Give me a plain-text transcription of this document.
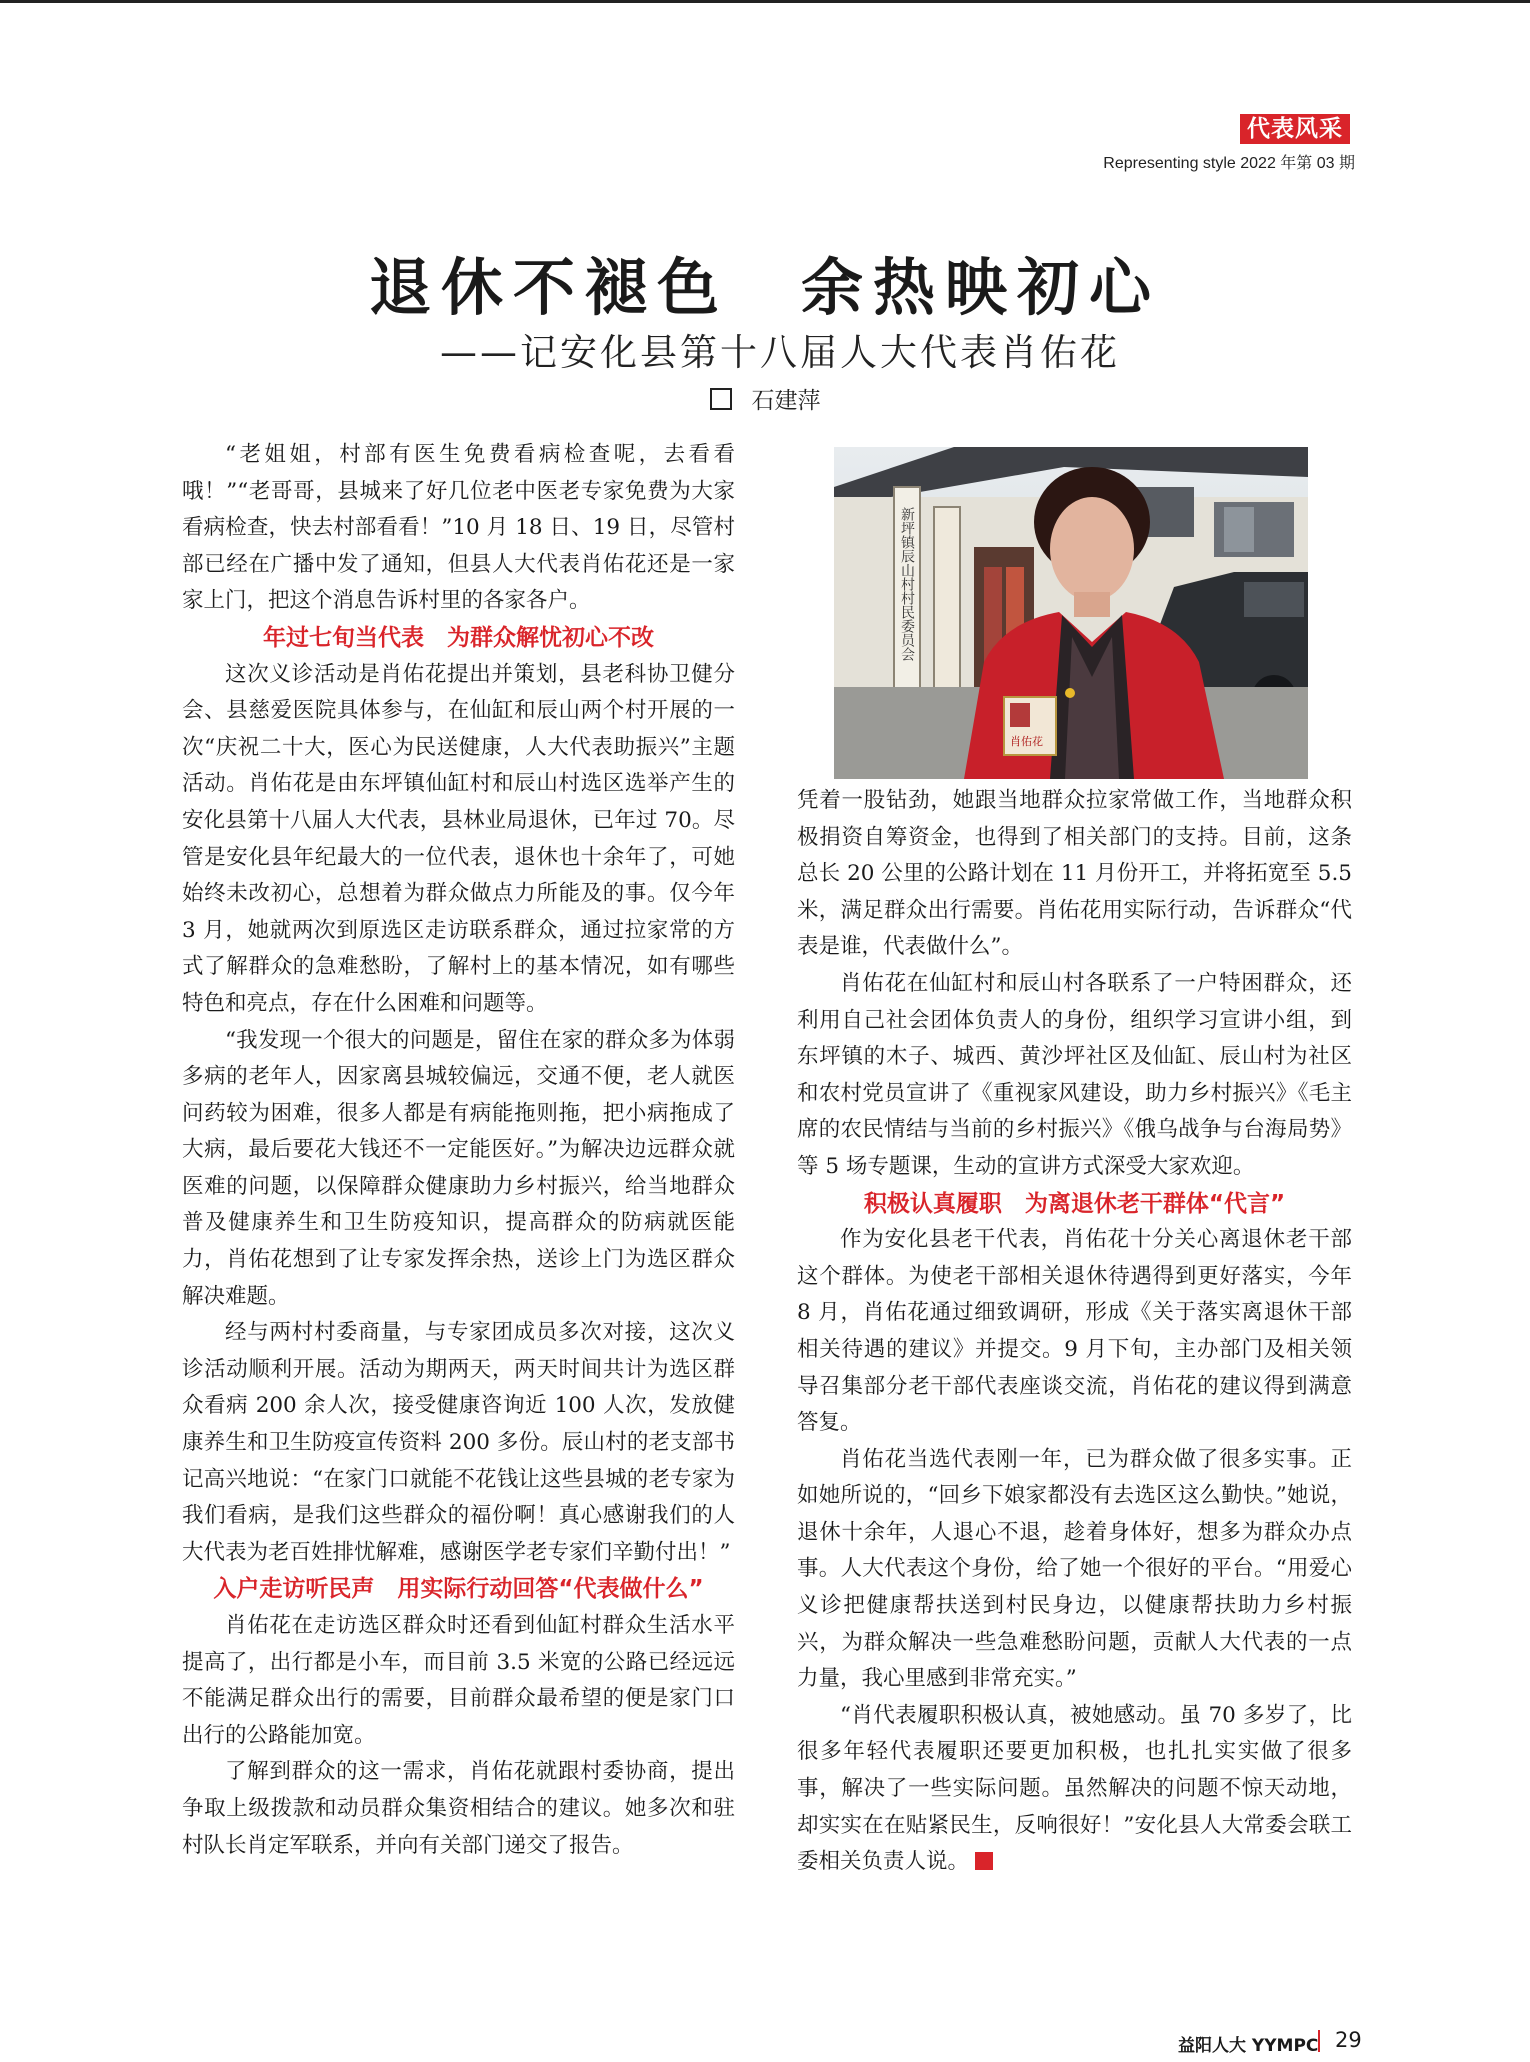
代表风采
Representing style 2022 年第 03 期
退休不褪色　余热映初心
——记安化县第十八届人大代表肖佑花
石建萍

“老姐姐，村部有医生免费看病检查呢，去看看哦！”“老哥哥，县城来了好几位老中医老专家免费为大家看病检查，快去村部看看！”10 月 18 日、19 日，尽管村部已经在广播中发了通知，但县人大代表肖佑花还是一家家上门，把这个消息告诉村里的各家各户。

年过七旬当代表　为群众解忧初心不改

这次义诊活动是肖佑花提出并策划，县老科协卫健分会、县慈爱医院具体参与，在仙缸和辰山两个村开展的一次“庆祝二十大，医心为民送健康，人大代表助振兴”主题活动。肖佑花是由东坪镇仙缸村和辰山村选区选举产生的安化县第十八届人大代表，县林业局退休，已年过 70。尽管是安化县年纪最大的一位代表，退休也十余年了，可她始终未改初心，总想着为群众做点力所能及的事。仅今年 3 月，她就两次到原选区走访联系群众，通过拉家常的方式了解群众的急难愁盼，了解村上的基本情况，如有哪些特色和亮点，存在什么困难和问题等。

“我发现一个很大的问题是，留住在家的群众多为体弱多病的老年人，因家离县城较偏远，交通不便，老人就医问药较为困难，很多人都是有病能拖则拖，把小病拖成了大病，最后要花大钱还不一定能医好。”为解决边远群众就医难的问题，以保障群众健康助力乡村振兴，给当地群众普及健康养生和卫生防疫知识，提高群众的防病就医能力，肖佑花想到了让专家发挥余热，送诊上门为选区群众解决难题。

经与两村村委商量，与专家团成员多次对接，这次义诊活动顺利开展。活动为期两天，两天时间共计为选区群众看病 200 余人次，接受健康咨询近 100 人次，发放健康养生和卫生防疫宣传资料 200 多份。辰山村的老支部书记高兴地说：“在家门口就能不花钱让这些县城的老专家为我们看病，是我们这些群众的福份啊！真心感谢我们的人大代表为老百姓排忧解难，感谢医学老专家们辛勤付出！”

入户走访听民声　用实际行动回答“代表做什么”

肖佑花在走访选区群众时还看到仙缸村群众生活水平提高了，出行都是小车，而目前 3.5 米宽的公路已经远远不能满足群众出行的需要，目前群众最希望的便是家门口出行的公路能加宽。

了解到群众的这一需求，肖佑花就跟村委协商，提出争取上级拨款和动员群众集资相结合的建议。她多次和驻村队长肖定军联系，并向有关部门递交了报告。

新坪镇辰山村村民委员会
肖佑花

凭着一股钻劲，她跟当地群众拉家常做工作，当地群众积极捐资自筹资金，也得到了相关部门的支持。目前，这条总长 20 公里的公路计划在 11 月份开工，并将拓宽至 5.5 米，满足群众出行需要。肖佑花用实际行动，告诉群众“代表是谁，代表做什么”。

肖佑花在仙缸村和辰山村各联系了一户特困群众，还利用自己社会团体负责人的身份，组织学习宣讲小组，到东坪镇的木子、城西、黄沙坪社区及仙缸、辰山村为社区和农村党员宣讲了《重视家风建设，助力乡村振兴》《毛主席的农民情结与当前的乡村振兴》《俄乌战争与台海局势》等 5 场专题课，生动的宣讲方式深受大家欢迎。

积极认真履职　为离退休老干群体“代言”

作为安化县老干代表，肖佑花十分关心离退休老干部这个群体。为使老干部相关退休待遇得到更好落实，今年 8 月，肖佑花通过细致调研，形成《关于落实离退休干部相关待遇的建议》并提交。9 月下旬，主办部门及相关领导召集部分老干部代表座谈交流，肖佑花的建议得到满意答复。

肖佑花当选代表刚一年，已为群众做了很多实事。正如她所说的，“回乡下娘家都没有去选区这么勤快。”她说，退休十余年，人退心不退，趁着身体好，想多为群众办点事。人大代表这个身份，给了她一个很好的平台。“用爱心义诊把健康帮扶送到村民身边，以健康帮扶助力乡村振兴，为群众解决一些急难愁盼问题，贡献人大代表的一点力量，我心里感到非常充实。”

“肖代表履职积极认真，被她感动。虽 70 多岁了，比很多年轻代表履职还要更加积极，也扎扎实实做了很多事，解决了一些实际问题。虽然解决的问题不惊天动地，却实实在在贴紧民生，反响很好！”安化县人大常委会联工委相关负责人说。

益阳人大 YYMPC 29
